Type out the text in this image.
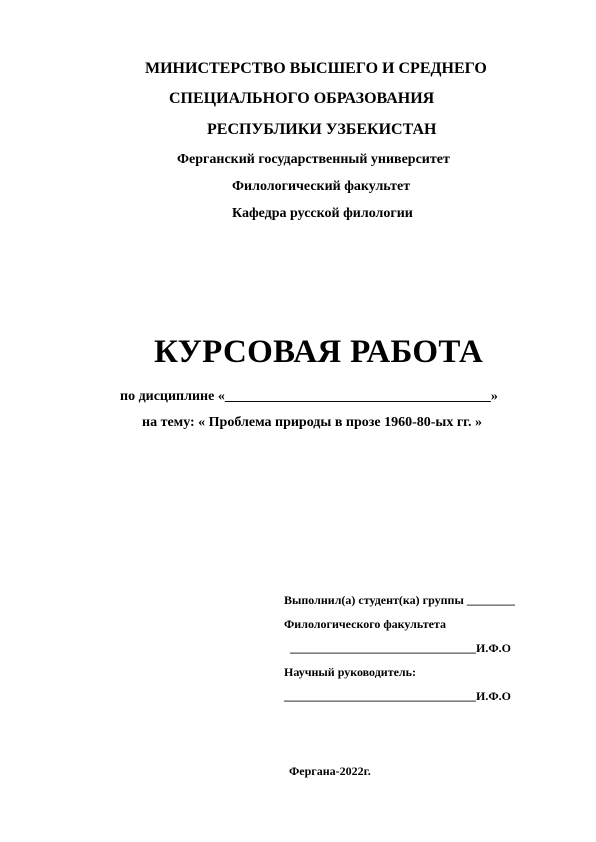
МИНИСТЕРСТВО ВЫСШЕГО И СРЕДНЕГО
СПЕЦИАЛЬНОГО ОБРАЗОВАНИЯ
РЕСПУБЛИКИ УЗБЕКИСТАН
Ферганский государственный университет
Филологический факультет
Кафедра русской филологии
КУРСОВАЯ РАБОТА
по дисциплине «______________________________________»
на тему: « Проблема природы в прозе 1960-80-ых гг. »
Выполнил(а) студент(ка) группы ________
Филологического факультета
_______________________________И.Ф.О
Научный руководитель:
________________________________И.Ф.О
Фергана-2022г.
